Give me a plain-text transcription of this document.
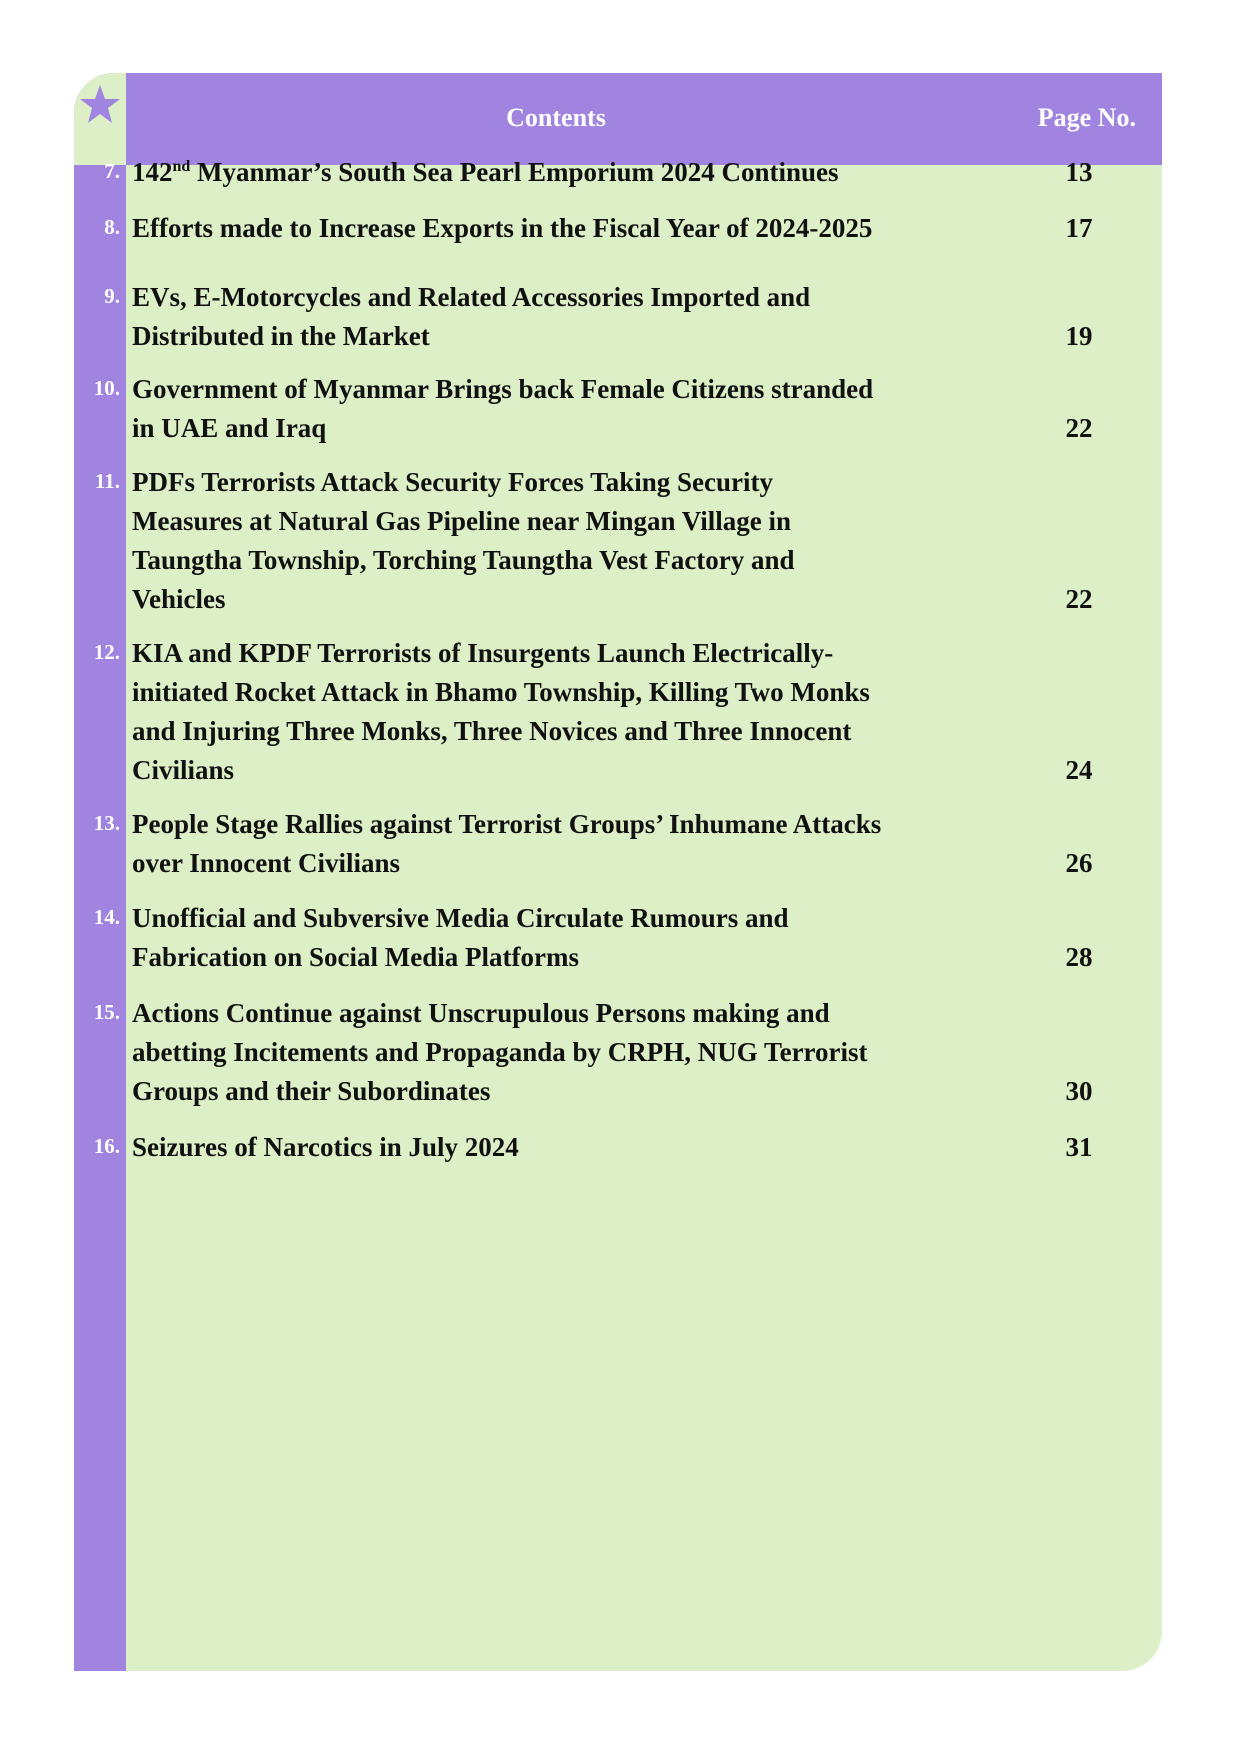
Contents	Page No.
7. 142nd Myanmar’s South Sea Pearl Emporium 2024 Continues	13
8. Efforts made to Increase Exports in the Fiscal Year of 2024-2025	17
9. EVs, E-Motorcycles and Related Accessories Imported and
Distributed in the Market	19
10. Government of Myanmar Brings back Female Citizens stranded
in UAE and Iraq	22
11. PDFs Terrorists Attack Security Forces Taking Security
Measures at Natural Gas Pipeline near Mingan Village in
Taungtha Township, Torching Taungtha Vest Factory and
Vehicles	22
12. KIA and KPDF Terrorists of Insurgents Launch Electrically-
initiated Rocket Attack in Bhamo Township, Killing Two Monks
and Injuring Three Monks, Three Novices and Three Innocent
Civilians	24
13. People Stage Rallies against Terrorist Groups’ Inhumane Attacks
over Innocent Civilians	26
14. Unofficial and Subversive Media Circulate Rumours and
Fabrication on Social Media Platforms	28
15. Actions Continue against Unscrupulous Persons making and
abetting Incitements and Propaganda by CRPH, NUG Terrorist
Groups and their Subordinates	30
16. Seizures of Narcotics in July 2024	31
